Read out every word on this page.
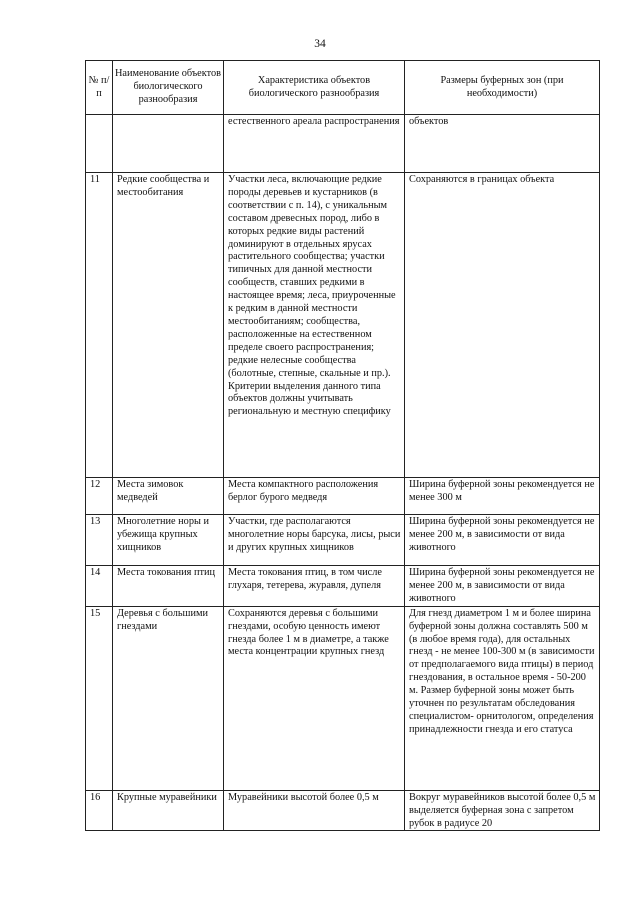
34
№ п/п	Наименование объектов биологического разнообразия	Характеристика объектов биологического разнообразия	Размеры буферных зон (при необходимости)
		естественного ареала распространения	объектов
11	Редкие сообщества и местообитания	Участки леса, включающие редкие породы деревьев и кустарников (в соответствии с п. 14), с уникальным составом древесных пород, либо в которых редкие виды растений доминируют в отдельных ярусах растительного сообщества; участки типичных для данной местности сообществ, ставших редкими в настоящее время; леса, приуроченные к редким в данной местности местообитаниям; сообщества, расположенные на естественном пределе своего распространения; редкие нелесные сообщества (болотные, степные, скальные и пр.). Критерии выделения данного типа объектов должны учитывать региональную и местную специфику	Сохраняются в границах объекта
12	Места зимовок медведей	Места компактного расположения берлог бурого медведя	Ширина буферной зоны рекомендуется не менее 300 м
13	Многолетние норы и убежища крупных хищников	Участки, где располагаются многолетние норы барсука, лисы, рыси и других крупных хищников	Ширина буферной зоны рекомендуется не менее 200 м, в зависимости от вида животного
14	Места токования птиц	Места токования птиц, в том числе глухаря, тетерева, журавля, дупеля	Ширина буферной зоны рекомендуется не менее 200 м, в зависимости от вида животного
15	Деревья с большими гнездами	Сохраняются деревья с большими гнездами, особую ценность имеют гнезда более 1 м в диаметре, а также места концентрации крупных гнезд	Для гнезд диаметром 1 м и более ширина буферной зоны должна составлять 500 м (в любое время года), для остальных гнезд - не менее 100-300 м (в зависимости от предполагаемого вида птицы) в период гнездования, в остальное время - 50-200 м. Размер буферной зоны может быть уточнен по результатам обследования специалистом- орнитологом, определения принадлежности гнезда и его статуса
16	Крупные муравейники	Муравейники высотой более 0,5 м	Вокруг муравейников высотой более 0,5 м выделяется буферная зона с запретом рубок в радиусе 20
